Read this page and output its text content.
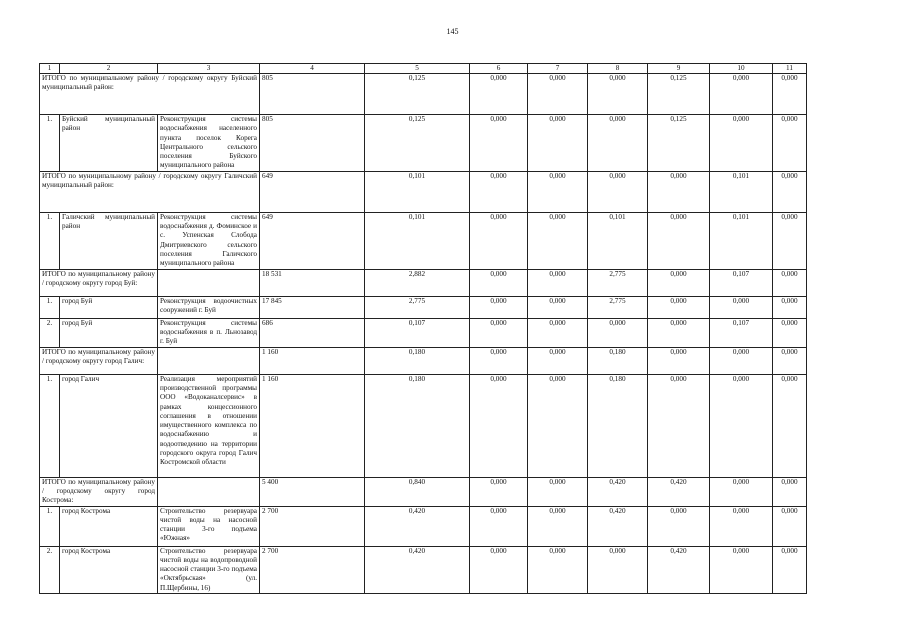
145
1	2	3	4	5	6	7	8	9	10	11
ИТОГО по муниципальному району / городскому округу Буйский муниципальный район:			805	0,125	0,000	0,000	0,000	0,125	0,000	0,000
1.	Буйский муниципальный район	Реконструкция системы водоснабжения населенного пункта поселок Корега Центрального сельского поселения Буйского муниципального района	805	0,125	0,000	0,000	0,000	0,125	0,000	0,000
ИТОГО по муниципальному району / городскому округу Галичский муниципальный район:			649	0,101	0,000	0,000	0,000	0,000	0,101	0,000
1.	Галичский муниципальный район	Реконструкция системы водоснабжения д. Фоминское и с. Успенская Слобода Дмитриевского сельского поселения Галичского муниципального района	649	0,101	0,000	0,000	0,101	0,000	0,101	0,000
ИТОГО по муниципальному району / городскому округу город Буй:			18 531	2,882	0,000	0,000	2,775	0,000	0,107	0,000
1.	город Буй	Реконструкция водоочистных сооружений г. Буй	17 845	2,775	0,000	0,000	2,775	0,000	0,000	0,000
2.	город Буй	Реконструкция системы водоснабжения в п. Льнозавод г. Буй	686	0,107	0,000	0,000	0,000	0,000	0,107	0,000
ИТОГО по муниципальному району / городскому округу город Галич:			1 160	0,180	0,000	0,000	0,180	0,000	0,000	0,000
1.	город Галич	Реализация мероприятий производственной программы ООО «Водоканалсервис» в рамках концессионного соглашения в отношении имущественного комплекса по водоснабжению и водоотведению на территории городского округа город Галич Костромской области	1 160	0,180	0,000	0,000	0,180	0,000	0,000	0,000
ИТОГО по муниципальному району / городскому округу город Кострома:			5 400	0,840	0,000	0,000	0,420	0,420	0,000	0,000
1.	город Кострома	Строительство резервуара чистой воды на насосной станции 3-го подъема «Южная»	2 700	0,420	0,000	0,000	0,420	0,000	0,000	0,000
2.	город Кострома	Строительство резервуара чистой воды на водопроводной насосной станции 3-го подъема «Октябрьская» (ул. П.Щербины, 16)	2 700	0,420	0,000	0,000	0,000	0,420	0,000	0,000
